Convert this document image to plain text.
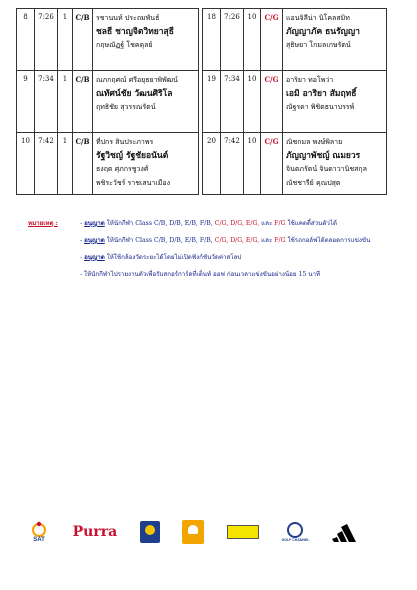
8	7:26	1	C/B	รชานนท์ ประถมพันธ์
ชลธี ชาญจิตวิทยาสุธี
กฤษณัฏฐ์ โชคดุลย์

9	7:34	1	C/B	ณภกฤศณ์ ศรีอยุธยาพิพัฒน์
ณทัศน์ชัย วัฒนศิริโล
ฤทธิชัย สุวรรณรัตน์

10	7:42	1	C/B	ที่ปกร สินประภาพร
รัฐวิชญ์ รัฐชัยอนันต์
ธงฤต ศุภกรชูวงศ์
พชิระวัชร์ ราชเสนาเมือง

18	7:26	10	C/G	แอนจิลีน่า นิโคลสมิท
ภัญญาภัค ธนรัญญา
สุธิษยา โกมลเกษรัตน์

19	7:34	10	C/G	อาริยา ทอโพว่า
เอมิ อาริยา สัมฤทธิ์
ณัฐรดา พิชิตธนาบรรพ์

20	7:42	10	C/G	ณิชกมล พงษ์พิลาย
ภัญญาพัชญ์ ณมยวร
จินตภรัตน์ จินดาวานิชสกุล
ณัชชารีย์ คุณปสุต

หมายเหตุ :	- อนุญาต ให้นักกีฬา Class C/B, D/B, E/B, F/B, C/G, D/G, E/G, และ F/G ใช้แคดดี้ส่วนตัวได้
- อนุญาต ให้นักกีฬา Class C/B, D/B, E/B, F/B, C/G, D/G, E/G, และ F/G ใช้รถกอล์ฟได้ตลอดการแข่งขัน
- อนุญาต ให้ใช้กล้องวัดระยะได้โดยไม่เปิดฟังก์ชันวัดค่าสโลป
- ให้นักกีฬาไปรายงานตัวเพื่อรับสกอร์การ์ดที่เต็นท์ ออฟ ก่อนเวลาแข่งขันอย่างน้อย 15 นาที
SAT Purra	GOLF CHANNEL
